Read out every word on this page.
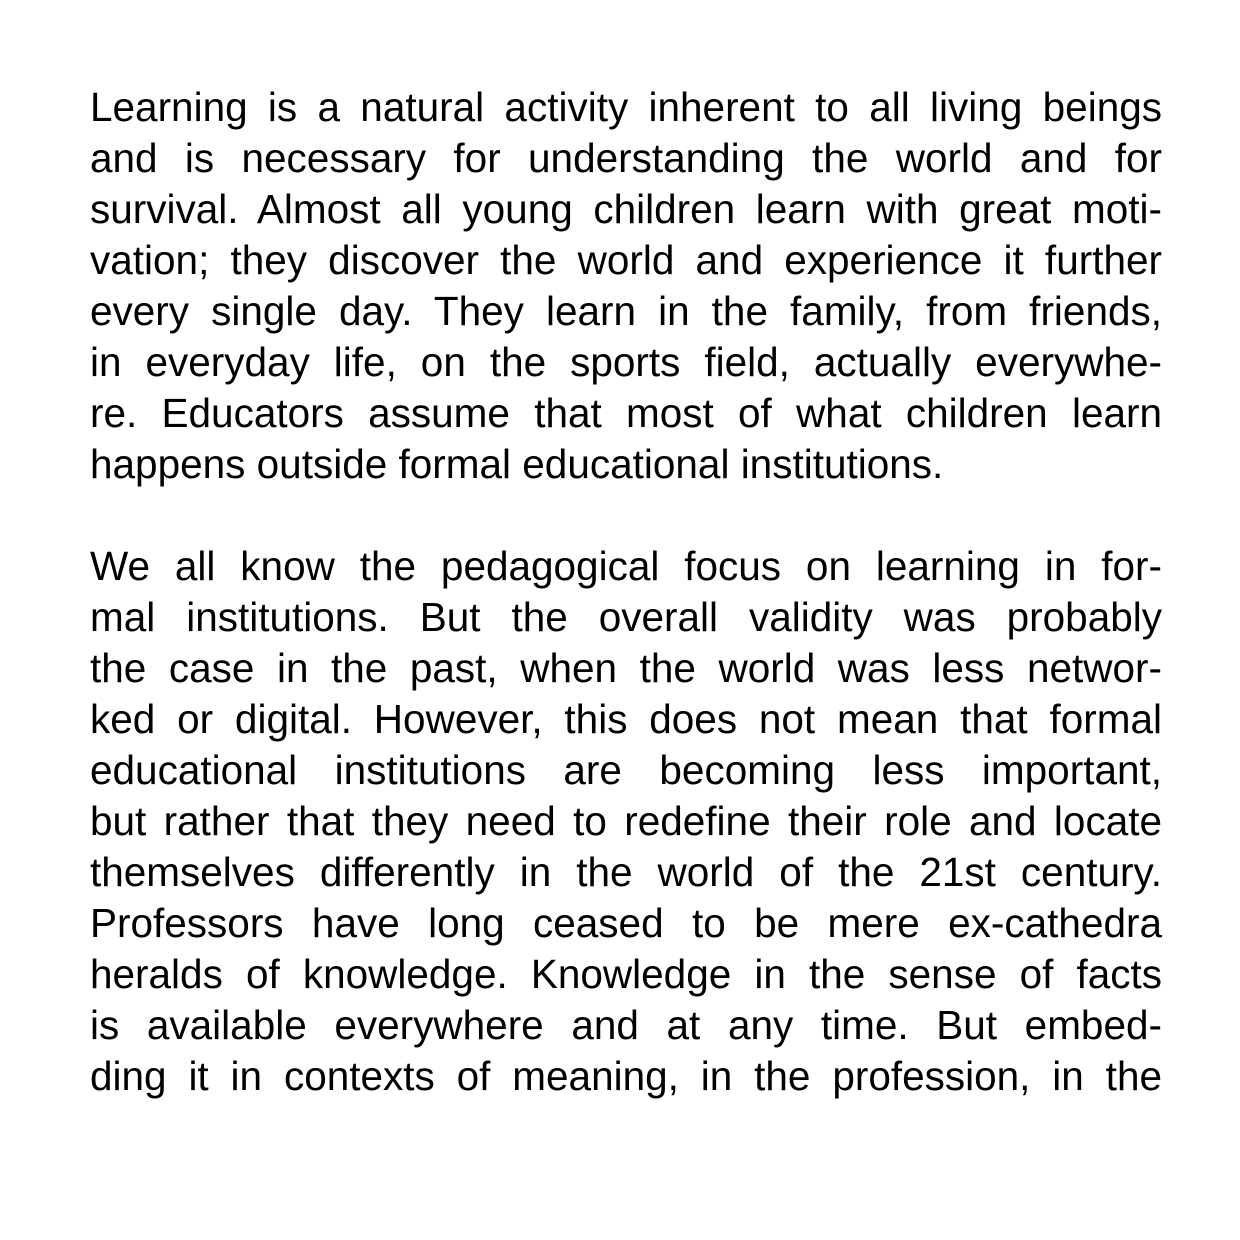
Learning is a natural activity inherent to all living beings
and is necessary for understanding the world and for
survival. Almost all young children learn with great moti-
vation; they discover the world and experience it further
every single day. They learn in the family, from friends,
in everyday life, on the sports field, actually everywhe-
re. Educators assume that most of what children learn
happens outside formal educational institutions.
We all know the pedagogical focus on learning in for-
mal institutions. But the overall validity was probably
the case in the past, when the world was less networ-
ked or digital. However, this does not mean that formal
educational institutions are becoming less important,
but rather that they need to redefine their role and locate
themselves differently in the world of the 21st century.
Professors have long ceased to be mere ex-cathedra
heralds of knowledge. Knowledge in the sense of facts
is available everywhere and at any time. But embed-
ding it in contexts of meaning, in the profession, in the
